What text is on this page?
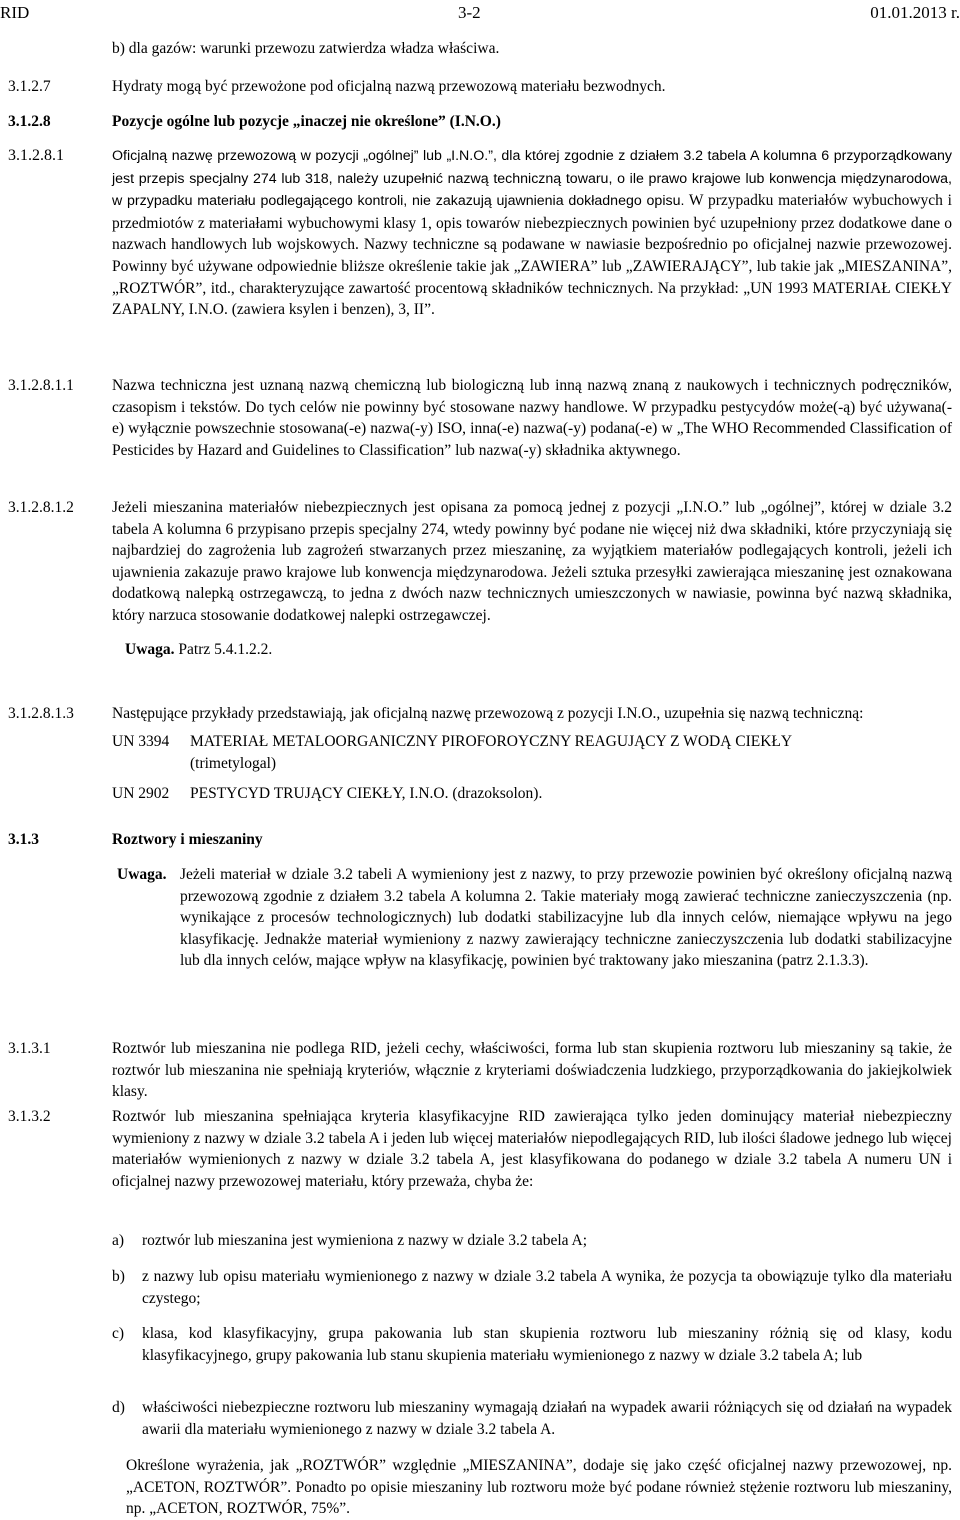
RID	3-2	01.01.2013 r.

b) dla gazów: warunki przewozu zatwierdza władza właściwa.

3.1.2.7	Hydraty mogą być przewożone pod oficjalną nazwą przewozową materiału bezwodnych.

3.1.2.8	Pozycje ogólne lub pozycje „inaczej nie określone” (I.N.O.)

3.1.2.8.1	Oficjalną nazwę przewozową w pozycji „ogólnej” lub „I.N.O.”, dla której zgodnie z działem 3.2 tabela A kolumna 6 przyporządkowany jest przepis specjalny 274 lub 318, należy uzupełnić nazwą techniczną towaru, o ile prawo krajowe lub konwencja międzynarodowa, w przypadku materiału podlegającego kontroli, nie zakazują ujawnienia dokładnego opisu. W przypadku materiałów wybuchowych i przedmiotów z materiałami wybuchowymi klasy 1, opis towarów niebezpiecznych powinien być uzupełniony przez dodatkowe dane o nazwach handlowych lub wojskowych. Nazwy techniczne są podawane w nawiasie bezpośrednio po oficjalnej nazwie przewozowej. Powinny być używane odpowiednie bliższe określenie takie jak „ZAWIERA” lub „ZAWIERAJĄCY”, lub takie jak „MIESZANINA”, „ROZTWÓR”, itd., charakteryzujące zawartość procentową składników technicznych. Na przykład: „UN 1993 MATERIAŁ CIEKŁY ZAPALNY, I.N.O. (zawiera ksylen i benzen), 3, II”.

3.1.2.8.1.1 Nazwa techniczna jest uznaną nazwą chemiczną lub biologiczną lub inną nazwą znaną z naukowych i technicznych podręczników, czasopism i tekstów. Do tych celów nie powinny być stosowane nazwy handlowe. W przypadku pestycydów może(-ą) być używana(-e) wyłącznie powszechnie stosowana(-e) nazwa(-y) ISO, inna(-e) nazwa(-y) podana(-e) w „The WHO Recommended Classification of Pesticides by Hazard and Guidelines to Classification” lub nazwa(-y) składnika aktywnego.

3.1.2.8.1.2 Jeżeli mieszanina materiałów niebezpiecznych jest opisana za pomocą jednej z pozycji „I.N.O.” lub „ogólnej”, której w dziale 3.2 tabela A kolumna 6 przypisano przepis specjalny 274, wtedy powinny być podane nie więcej niż dwa składniki, które przyczyniają się najbardziej do zagrożenia lub zagrożeń stwarzanych przez mieszaninę, za wyjątkiem materiałów podlegających kontroli, jeżeli ich ujawnienia zakazuje prawo krajowe lub konwencja międzynarodowa. Jeżeli sztuka przesyłki zawierająca mieszaninę jest oznakowana dodatkową nalepką ostrzegawczą, to jedna z dwóch nazw technicznych umieszczonych w nawiasie, powinna być nazwą składnika, który narzuca stosowanie dodatkowej nalepki ostrzegawczej.

Uwaga. Patrz 5.4.1.2.2.

3.1.2.8.1.3 Następujące przykłady przedstawiają, jak oficjalną nazwę przewozową z pozycji I.N.O., uzupełnia się nazwą techniczną:

UN 3394 MATERIAŁ METALOORGANICZNY PIROFOROYCZNY REAGUJĄCY Z WODĄ CIEKŁY
(trimetylogal)
UN 2902 PESTYCYD TRUJĄCY CIEKŁY, I.N.O. (drazoksolon).
3.1.3	Roztwory i mieszaniny

Uwaga. Jeżeli materiał w dziale 3.2 tabeli A wymieniony jest z nazwy, to przy przewozie powinien być określony oficjalną nazwą przewozową zgodnie z działem 3.2 tabela A kolumna 2. Takie materiały mogą zawierać techniczne zanieczyszczenia (np. wynikające z procesów technologicznych) lub dodatki stabilizacyjne lub dla innych celów, niemające wpływu na jego klasyfikację. Jednakże materiał wymieniony z nazwy zawierający techniczne zanieczyszczenia lub dodatki stabilizacyjne lub dla innych celów, mające wpływ na klasyfikację, powinien być traktowany jako mieszanina (patrz 2.1.3.3).

3.1.3.1	Roztwór lub mieszanina nie podlega RID, jeżeli cechy, właściwości, forma lub stan skupienia roztworu lub mieszaniny są takie, że roztwór lub mieszanina nie spełniają kryteriów, włącznie z kryteriami doświadczenia ludzkiego, przyporządkowania do jakiejkolwiek klasy.

3.1.3.2	Roztwór lub mieszanina spełniająca kryteria klasyfikacyjne RID zawierająca tylko jeden dominujący materiał niebezpieczny wymieniony z nazwy w dziale 3.2 tabela A i jeden lub więcej materiałów niepodlegających RID, lub ilości śladowe jednego lub więcej materiałów wymienionych z nazwy w dziale 3.2 tabela A, jest klasyfikowana do podanego w dziale 3.2 tabela A numeru UN i oficjalnej nazwy przewozowej materiału, który przeważa, chyba że:

a) roztwór lub mieszanina jest wymieniona z nazwy w dziale 3.2 tabela A;

b) z nazwy lub opisu materiału wymienionego z nazwy w dziale 3.2 tabela A wynika, że pozycja ta obowiązuje tylko dla materiału czystego;

c) klasa, kod klasyfikacyjny, grupa pakowania lub stan skupienia roztworu lub mieszaniny różnią się od klasy, kodu klasyfikacyjnego, grupy pakowania lub stanu skupienia materiału wymienionego z nazwy w dziale 3.2 tabela A; lub

d) właściwości niebezpieczne roztworu lub mieszaniny wymagają działań na wypadek awarii różniących się od działań na wypadek awarii dla materiału wymienionego z nazwy w dziale 3.2 tabela A.

Określone wyrażenia, jak „ROZTWÓR” względnie „MIESZANINA”, dodaje się jako część oficjalnej nazwy przewozowej, np. „ACETON, ROZTWÓR”. Ponadto po opisie mieszaniny lub roztworu może być podane również stężenie roztworu lub mieszaniny, np. „ACETON, ROZTWÓR, 75%”.
